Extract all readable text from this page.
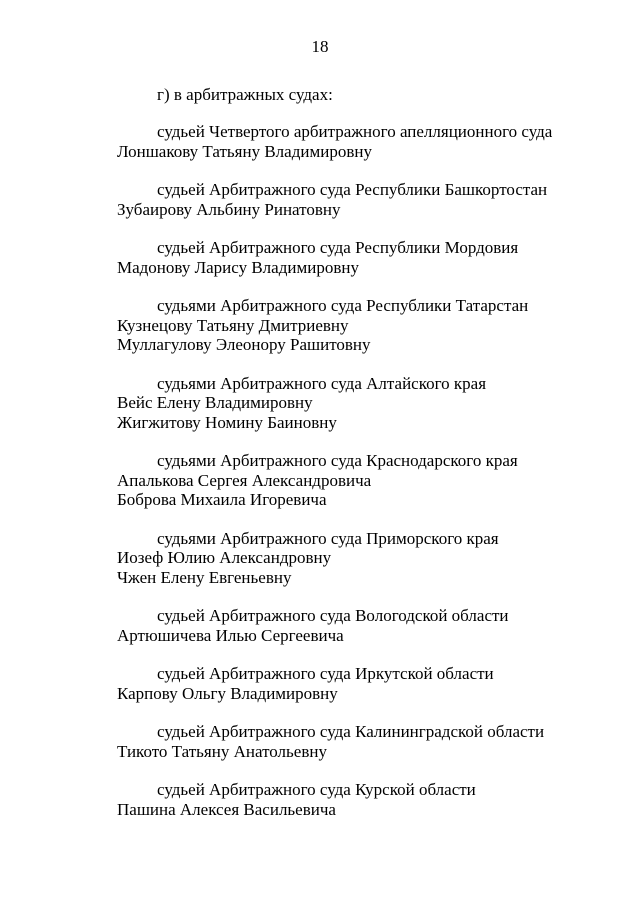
18
г) в арбитражных судах:
судьей Четвертого арбитражного апелляционного суда
Лоншакову Татьяну Владимировну
судьей Арбитражного суда Республики Башкортостан
Зубаирову Альбину Ринатовну
судьей Арбитражного суда Республики Мордовия
Мадонову Ларису Владимировну
судьями Арбитражного суда Республики Татарстан
Кузнецову Татьяну Дмитриевну
Муллагулову Элеонору Рашитовну
судьями Арбитражного суда Алтайского края
Вейс Елену Владимировну
Жигжитову Номину Баиновну
судьями Арбитражного суда Краснодарского края
Апалькова Сергея Александровича
Боброва Михаила Игоревича
судьями Арбитражного суда Приморского края
Иозеф Юлию Александровну
Чжен Елену Евгеньевну
судьей Арбитражного суда Вологодской области
Артюшичева Илью Сергеевича
судьей Арбитражного суда Иркутской области
Карпову Ольгу Владимировну
судьей Арбитражного суда Калининградской области
Тикото Татьяну Анатольевну
судьей Арбитражного суда Курской области
Пашина Алексея Васильевича
